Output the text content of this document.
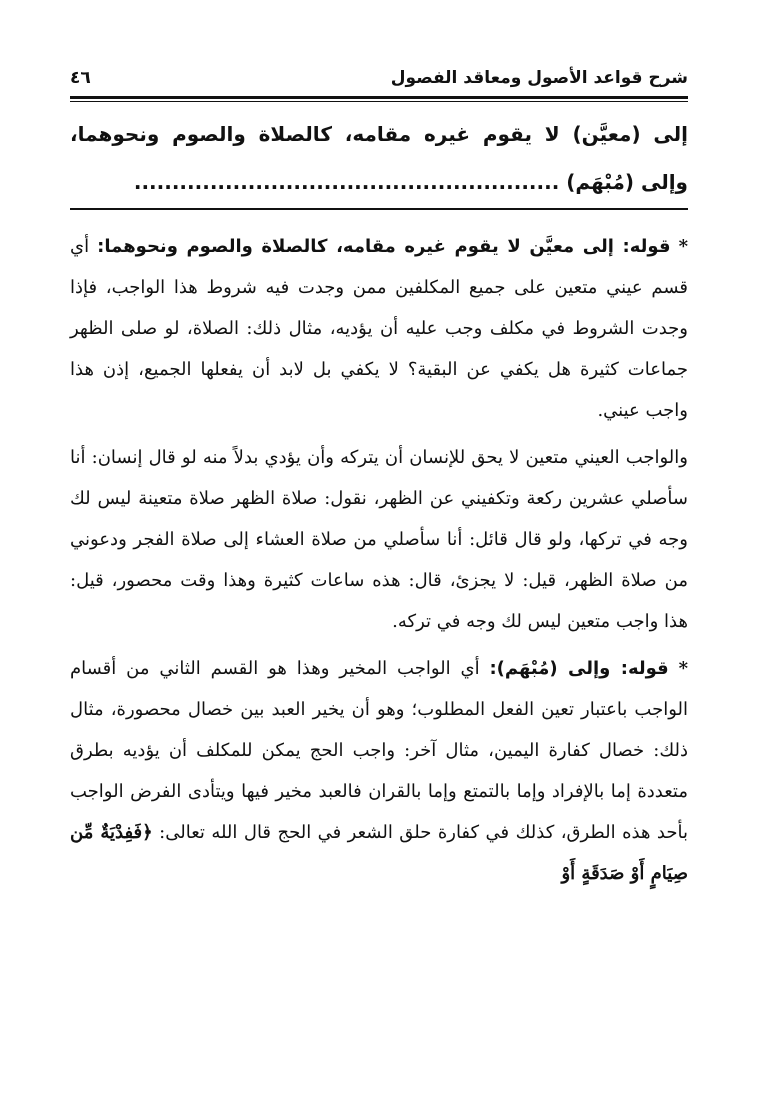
شرح قواعد الأصول ومعاقد الفصول
٤٦
إلى (معيَّن) لا يقوم غيره مقامه، كالصلاة والصوم ونحوهما، وإلى (مُبْهَم) ........................................................

* قوله: إلى معيَّن لا يقوم غيره مقامه، كالصلاة والصوم ونحوهما: أي قسم عيني متعين على جميع المكلفين ممن وجدت فيه شروط هذا الواجب، فإذا وجدت الشروط في مكلف وجب عليه أن يؤديه، مثال ذلك: الصلاة، لو صلى الظهر جماعات كثيرة هل يكفي عن البقية؟ لا يكفي بل لابد أن يفعلها الجميع، إذن هذا واجب عيني.

والواجب العيني متعين لا يحق للإنسان أن يتركه وأن يؤدي بدلاً منه لو قال إنسان: أنا سأصلي عشرين ركعة وتكفيني عن الظهر، نقول: صلاة الظهر صلاة متعينة ليس لك وجه في تركها، ولو قال قائل: أنا سأصلي من صلاة العشاء إلى صلاة الفجر ودعوني من صلاة الظهر، قيل: لا يجزئ، قال: هذه ساعات كثيرة وهذا وقت محصور، قيل: هذا واجب متعين ليس لك وجه في تركه.

* قوله: وإلى (مُبْهَم): أي الواجب المخير وهذا هو القسم الثاني من أقسام الواجب باعتبار تعين الفعل المطلوب؛ وهو أن يخير العبد بين خصال محصورة، مثال ذلك: خصال كفارة اليمين، مثال آخر: واجب الحج يمكن للمكلف أن يؤديه بطرق متعددة إما بالإفراد وإما بالتمتع وإما بالقران فالعبد مخير فيها ويتأدى الفرض الواجب بأحد هذه الطرق، كذلك في كفارة حلق الشعر في الحج قال الله تعالى: ﴿فَفِدْيَةٌ مِّن صِيَامٍ أَوْ صَدَقَةٍ أَوْ
